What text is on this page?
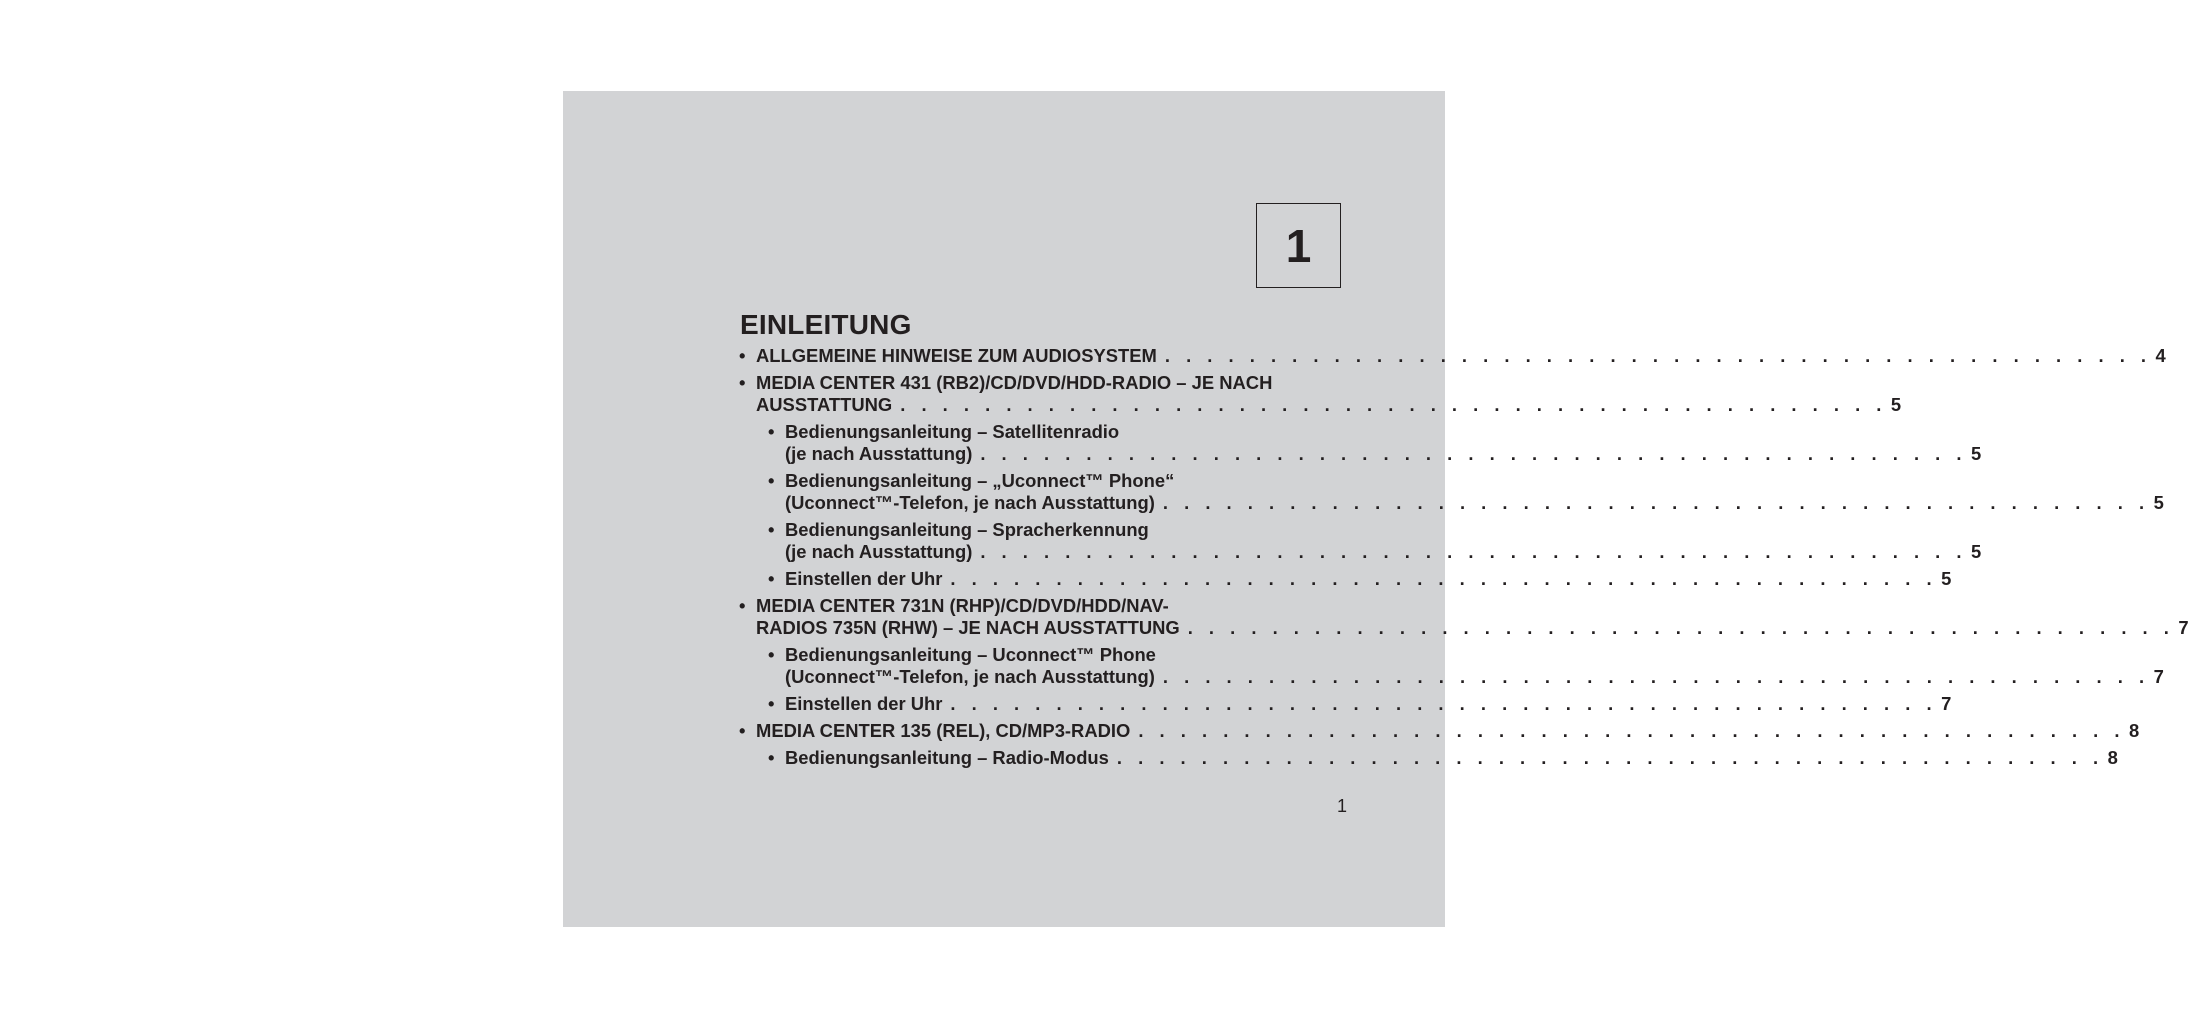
1
EINLEITUNG
• ALLGEMEINE HINWEISE ZUM AUDIOSYSTEM . . . . . . . . . . . . . . . . . . . . . . . . . . . . . . . . . . . . . . . . . . . . . . . 4
• MEDIA CENTER 431 (RB2)/CD/DVD/HDD-RADIO – JE NACH
AUSSTATTUNG . . . . . . . . . . . . . . . . . . . . . . . . . . . . . . . . . . . . . . . . . . . . . . . 5
• Bedienungsanleitung – Satellitenradio
(je nach Ausstattung) . . . . . . . . . . . . . . . . . . . . . . . . . . . . . . . . . . . . . . . . . . . . . . . 5
• Bedienungsanleitung – „Uconnect™ Phone“
(Uconnect™-Telefon, je nach Ausstattung) . . . . . . . . . . . . . . . . . . . . . . . . . . . . . . . . . . . . . . . . . . . . . . . 5
• Bedienungsanleitung – Spracherkennung
(je nach Ausstattung) . . . . . . . . . . . . . . . . . . . . . . . . . . . . . . . . . . . . . . . . . . . . . . . 5
• Einstellen der Uhr . . . . . . . . . . . . . . . . . . . . . . . . . . . . . . . . . . . . . . . . . . . . . . . 5
• MEDIA CENTER 731N (RHP)/CD/DVD/HDD/NAV-
RADIOS 735N (RHW) – JE NACH AUSSTATTUNG . . . . . . . . . . . . . . . . . . . . . . . . . . . . . . . . . . . . . . . . . . . . . . . 7
• Bedienungsanleitung – Uconnect™ Phone
(Uconnect™-Telefon, je nach Ausstattung) . . . . . . . . . . . . . . . . . . . . . . . . . . . . . . . . . . . . . . . . . . . . . . . 7
• Einstellen der Uhr . . . . . . . . . . . . . . . . . . . . . . . . . . . . . . . . . . . . . . . . . . . . . . . 7
• MEDIA CENTER 135 (REL), CD/MP3-RADIO . . . . . . . . . . . . . . . . . . . . . . . . . . . . . . . . . . . . . . . . . . . . . . . 8
• Bedienungsanleitung – Radio-Modus . . . . . . . . . . . . . . . . . . . . . . . . . . . . . . . . . . . . . . . . . . . . . . . 8
1
